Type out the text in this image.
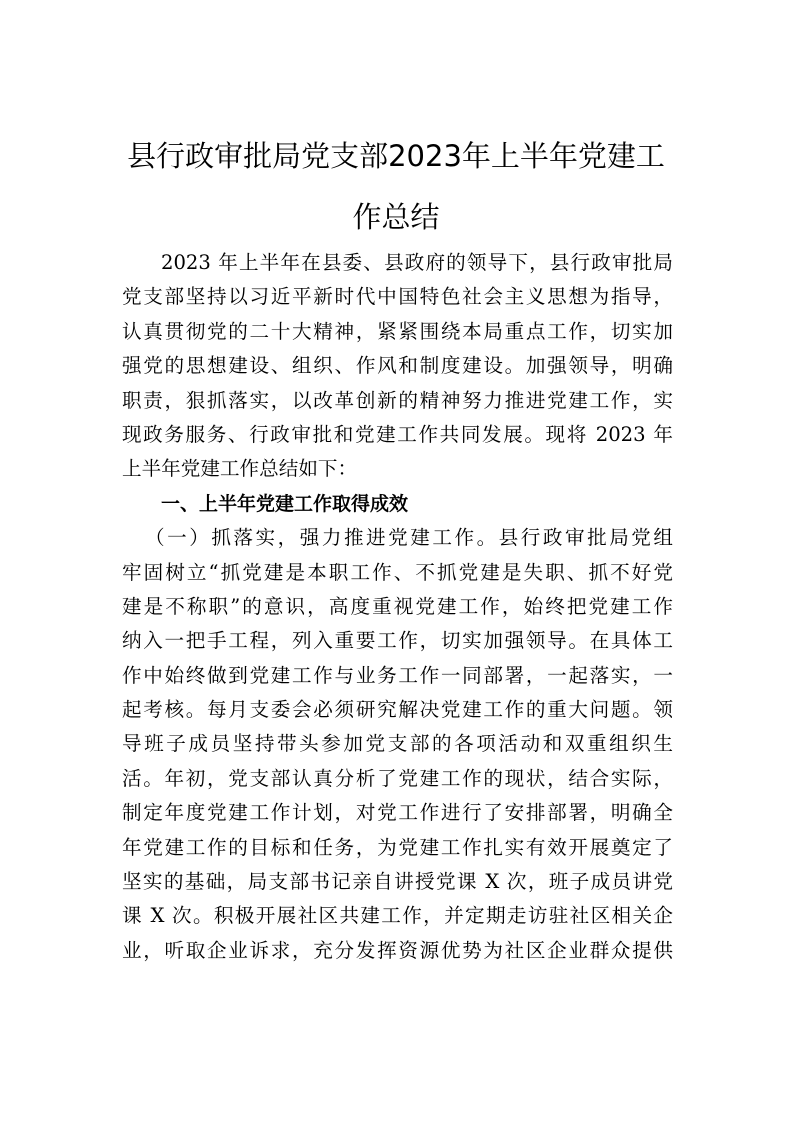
县行政审批局党支部2023年上半年党建工
作总结
2023 年上半年在县委、县政府的领导下，县行政审批局
党支部坚持以习近平新时代中国特色社会主义思想为指导，
认真贯彻党的二十大精神，紧紧围绕本局重点工作，切实加
强党的思想建设、组织、作风和制度建设。加强领导，明确
职责，狠抓落实，以改革创新的精神努力推进党建工作，实
现政务服务、行政审批和党建工作共同发展。现将 2023 年
上半年党建工作总结如下：
一、上半年党建工作取得成效
（一）抓落实，强力推进党建工作。县行政审批局党组
牢固树立“抓党建是本职工作、不抓党建是失职、抓不好党
建是不称职”的意识，高度重视党建工作，始终把党建工作
纳入一把手工程，列入重要工作，切实加强领导。在具体工
作中始终做到党建工作与业务工作一同部署，一起落实，一
起考核。每月支委会必须研究解决党建工作的重大问题。领
导班子成员坚持带头参加党支部的各项活动和双重组织生
活。年初，党支部认真分析了党建工作的现状，结合实际，
制定年度党建工作计划，对党工作进行了安排部署，明确全
年党建工作的目标和任务，为党建工作扎实有效开展奠定了
坚实的基础，局支部书记亲自讲授党课 X 次，班子成员讲党
课 X 次。积极开展社区共建工作，并定期走访驻社区相关企
业，听取企业诉求，充分发挥资源优势为社区企业群众提供
